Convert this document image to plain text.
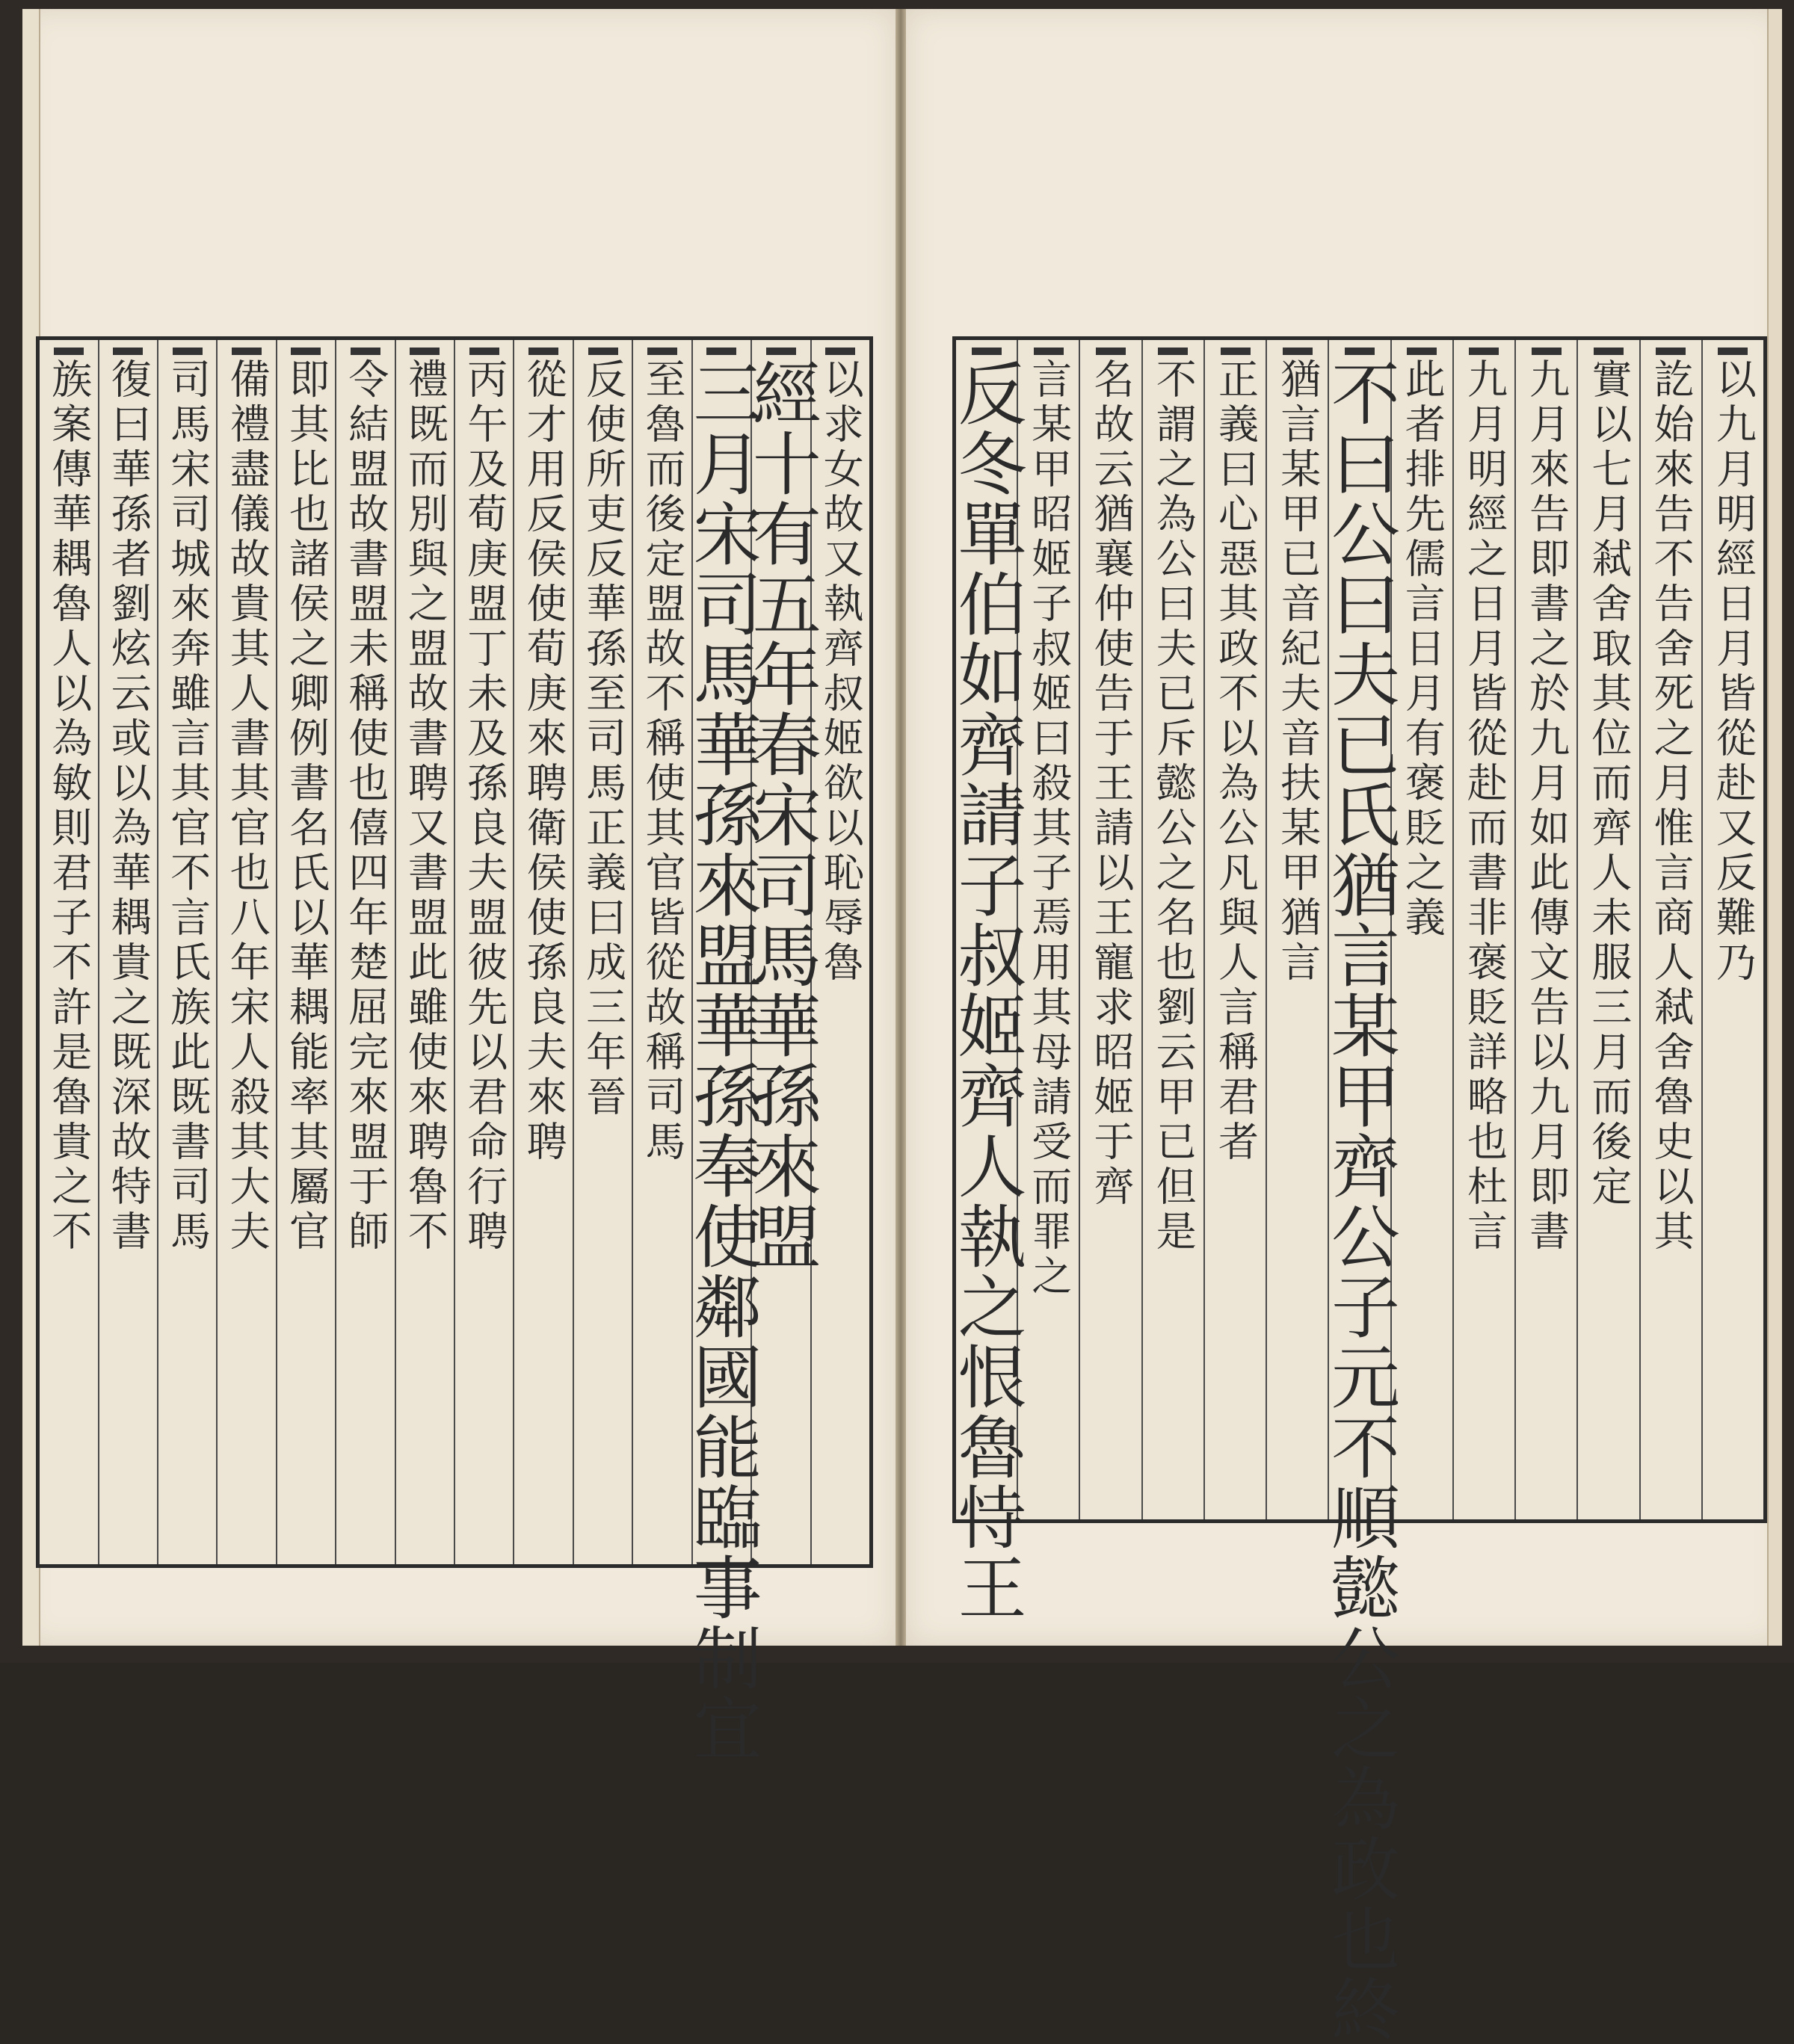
以求女故又執齊叔姬欲以恥辱魯
經十有五年春宋司馬華孫來盟
三月宋司馬華孫來盟華孫奉使鄰國能臨事制宜
至魯而後定盟故不稱使其官皆從故稱司馬
反使所吏反華孫至司馬正義曰成三年晉
從才用反侯使荀庚來聘衛侯使孫良夫來聘
丙午及荀庚盟丁未及孫良夫盟彼先以君命行聘
禮既而別與之盟故書聘又書盟此雖使來聘魯不
令結盟故書盟未稱使也僖四年楚屈完來盟于師
即其比也諸侯之卿例書名氏以華耦能率其屬官
備禮盡儀故貴其人書其官也八年宋人殺其大夫
司馬宋司城來奔雖言其官不言氏族此既書司馬
復曰華孫者劉炫云或以為華耦貴之既深故特書
族案傳華耦魯人以為敏則君子不許是魯貴之不	以九月明經日月皆從赴又反難乃
訖始來告不告舍死之月惟言商人弒舍魯史以其
實以七月弒舍取其位而齊人未服三月而後定
九月來告即書之於九月如此傳文告以九月即書
九月明經之日月皆從赴而書非褒貶詳略也杜言
此者排先儒言日月有褒貶之義
不曰公曰夫已氏猶言某甲齊公子元不順懿公之為政也終
猶言某甲已音紀夫音扶某甲猶言
正義曰心惡其政不以為公凡與人言稱君者
不謂之為公曰夫已斥懿公之名也劉云甲已但是
名故云猶襄仲使告于王請以王寵求昭姬于齊
言某甲昭姬子叔姬曰殺其子焉用其母請受而罪之
反冬單伯如齊請子叔姬齊人執之恨魯恃王
